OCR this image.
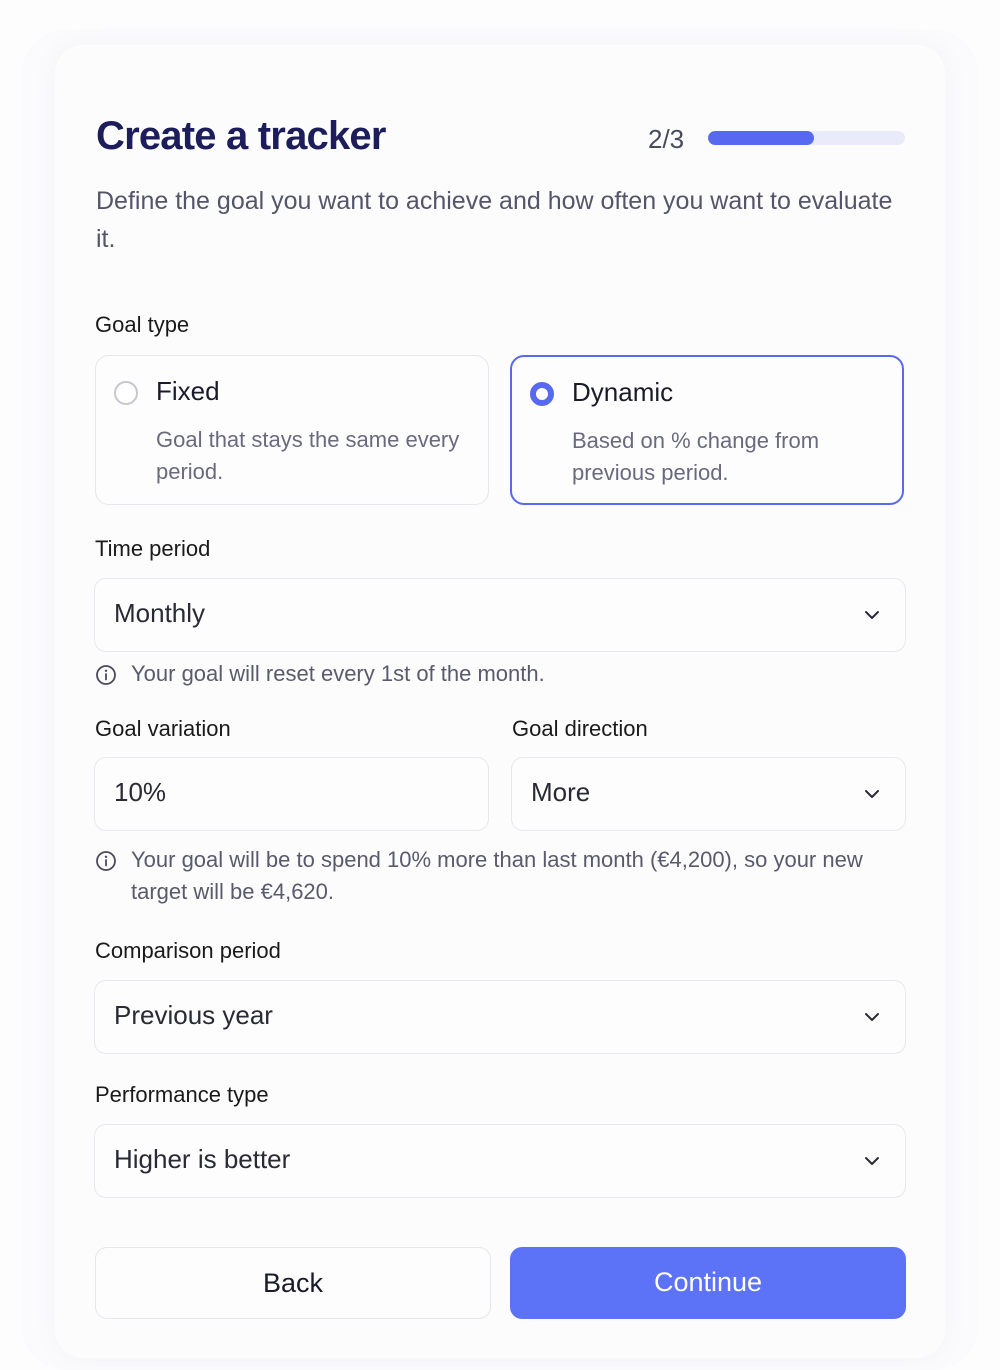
Create a tracker	2/3
Define the goal you want to achieve and how often you want to evaluate it.
Goal type
Fixed
Goal that stays the same every period.
Dynamic
Based on % change from previous period.
Time period
Monthly
Your goal will reset every 1st of the month.
Goal variation	Goal direction
10%	More
Your goal will be to spend 10% more than last month (€4,200), so your new target will be €4,620.
Comparison period
Previous year
Performance type
Higher is better
Back	Continue
